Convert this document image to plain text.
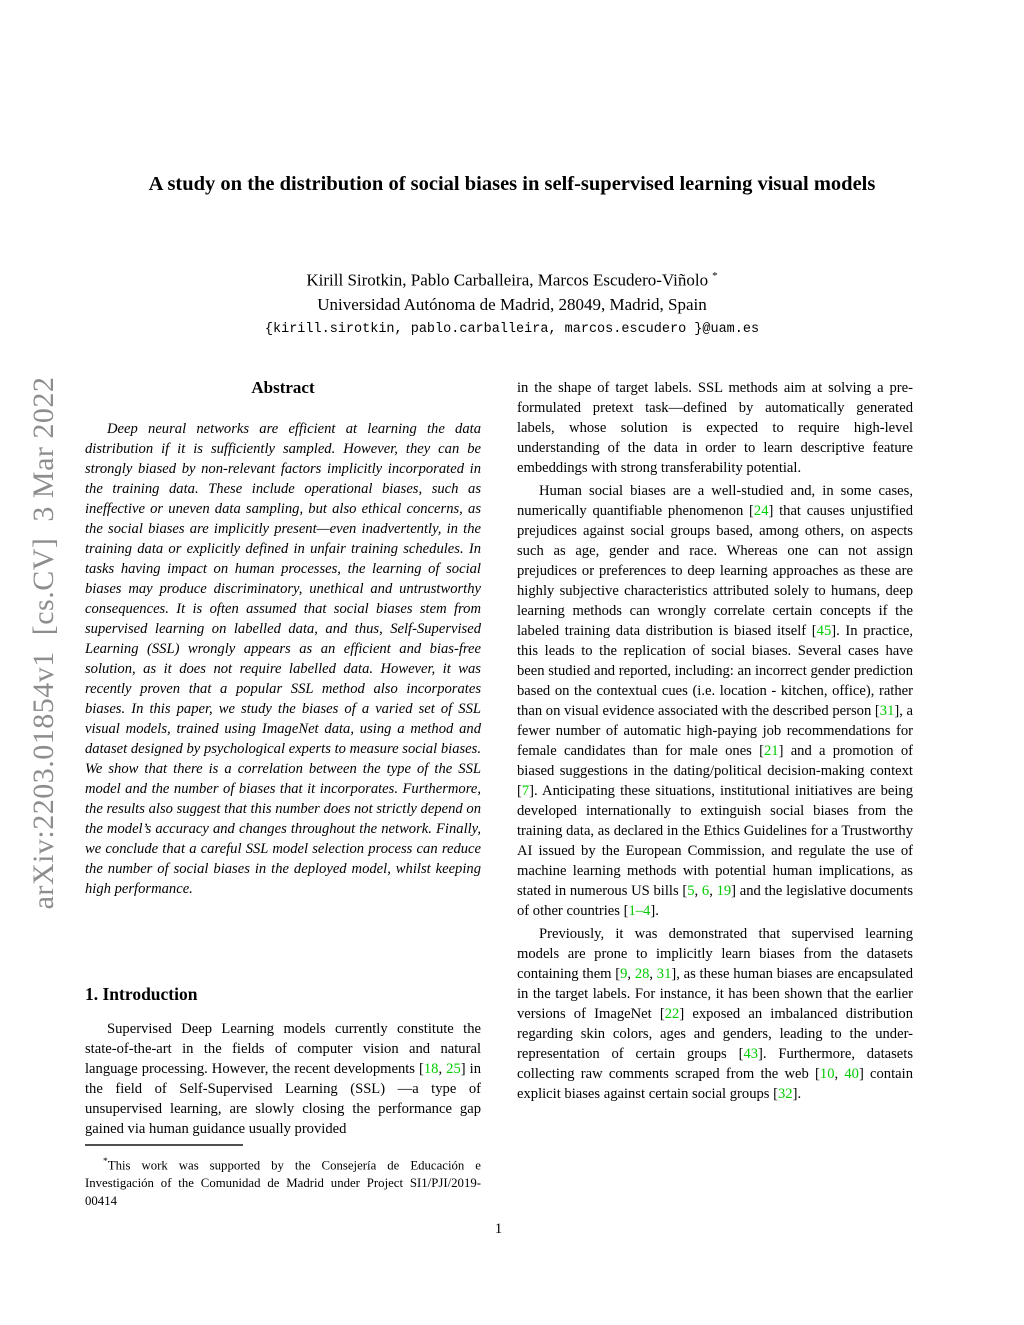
arXiv:2203.01854v1  [cs.CV]  3 Mar 2022
A study on the distribution of social biases in self-supervised learning visual models
Kirill Sirotkin, Pablo Carballeira, Marcos Escudero-Viñolo *
Universidad Autónoma de Madrid, 28049, Madrid, Spain
{kirill.sirotkin, pablo.carballeira, marcos.escudero }@uam.es
Abstract

Deep neural networks are efficient at learning the data distribution if it is sufficiently sampled. However, they can be strongly biased by non-relevant factors implicitly incorporated in the training data. These include operational biases, such as ineffective or uneven data sampling, but also ethical concerns, as the social biases are implicitly present—even inadvertently, in the training data or explicitly defined in unfair training schedules. In tasks having impact on human processes, the learning of social biases may produce discriminatory, unethical and untrustworthy consequences. It is often assumed that social biases stem from supervised learning on labelled data, and thus, Self-Supervised Learning (SSL) wrongly appears as an efficient and bias-free solution, as it does not require labelled data. However, it was recently proven that a popular SSL method also incorporates biases. In this paper, we study the biases of a varied set of SSL visual models, trained using ImageNet data, using a method and dataset designed by psychological experts to measure social biases. We show that there is a correlation between the type of the SSL model and the number of biases that it incorporates. Furthermore, the results also suggest that this number does not strictly depend on the model’s accuracy and changes throughout the network. Finally, we conclude that a careful SSL model selection process can reduce the number of social biases in the deployed model, whilst keeping high performance.

1. Introduction

Supervised Deep Learning models currently constitute the state-of-the-art in the fields of computer vision and natural language processing. However, the recent developments [18, 25] in the field of Self-Supervised Learning (SSL) —a type of unsupervised learning, are slowly closing the performance gap gained via human guidance usually provided

in the shape of target labels. SSL methods aim at solving a pre-formulated pretext task—defined by automatically generated labels, whose solution is expected to require high-level understanding of the data in order to learn descriptive feature embeddings with strong transferability potential.

Human social biases are a well-studied and, in some cases, numerically quantifiable phenomenon [24] that causes unjustified prejudices against social groups based, among others, on aspects such as age, gender and race. Whereas one can not assign prejudices or preferences to deep learning approaches as these are highly subjective characteristics attributed solely to humans, deep learning methods can wrongly correlate certain concepts if the labeled training data distribution is biased itself [45]. In practice, this leads to the replication of social biases. Several cases have been studied and reported, including: an incorrect gender prediction based on the contextual cues (i.e. location - kitchen, office), rather than on visual evidence associated with the described person [31], a fewer number of automatic high-paying job recommendations for female candidates than for male ones [21] and a promotion of biased suggestions in the dating/political decision-making context [7]. Anticipating these situations, institutional initiatives are being developed internationally to extinguish social biases from the training data, as declared in the Ethics Guidelines for a Trustworthy AI issued by the European Commission, and regulate the use of machine learning methods with potential human implications, as stated in numerous US bills [5, 6, 19] and the legislative documents of other countries [1–4].

Previously, it was demonstrated that supervised learning models are prone to implicitly learn biases from the datasets containing them [9, 28, 31], as these human biases are encapsulated in the target labels. For instance, it has been shown that the earlier versions of ImageNet [22] exposed an imbalanced distribution regarding skin colors, ages and genders, leading to the under-representation of certain groups [43]. Furthermore, datasets collecting raw comments scraped from the web [10, 40] contain explicit biases against certain social groups [32].

*This work was supported by the Consejería de Educación e Investigación of the Comunidad de Madrid under Project SI1/PJI/2019-00414

1
